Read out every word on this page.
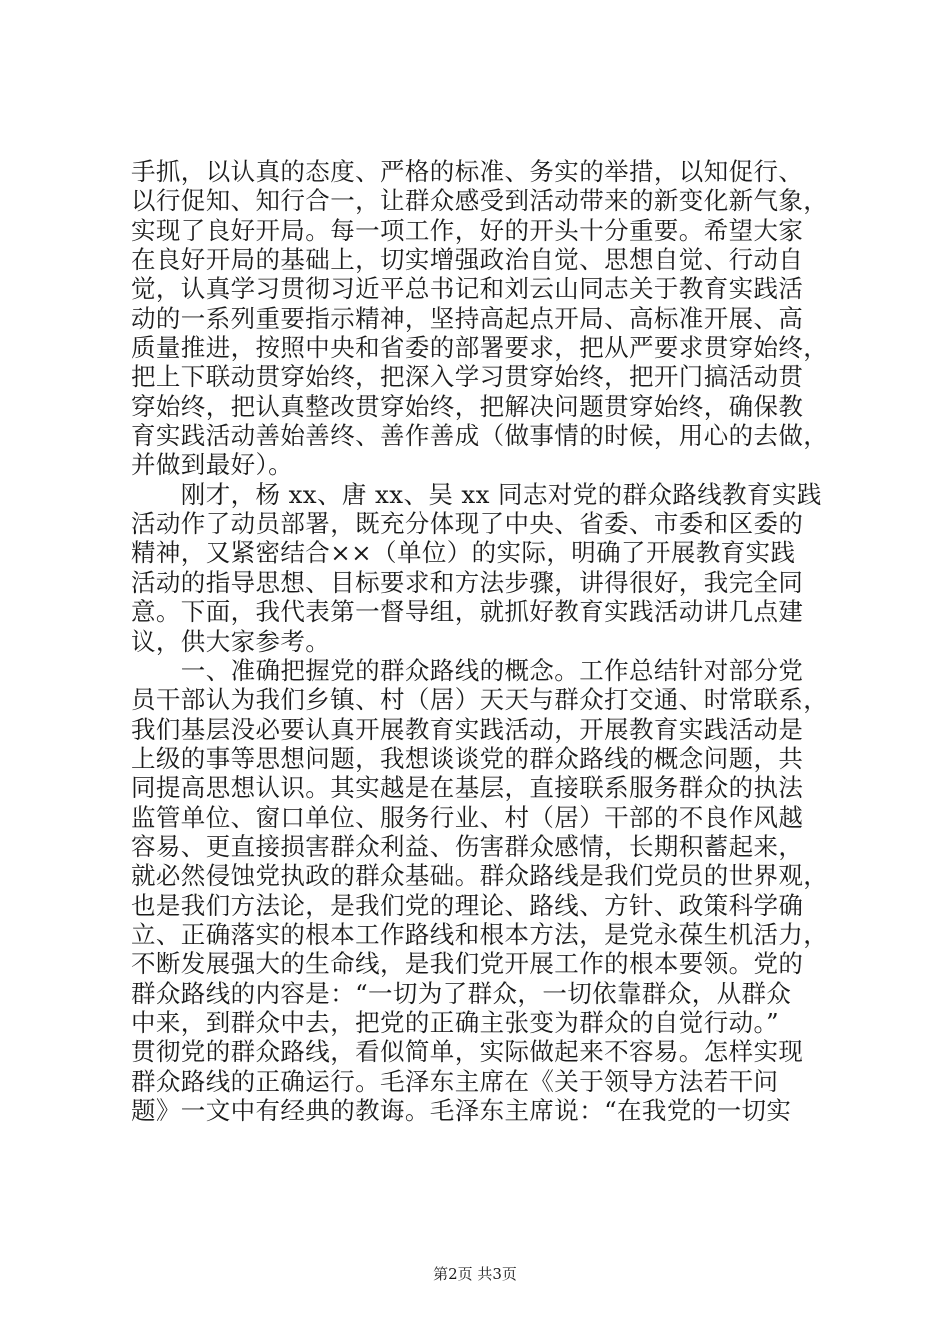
手抓，以认真的态度、严格的标准、务实的举措，以知促行、
以行促知、知行合一，让群众感受到活动带来的新变化新气象，
实现了良好开局。每一项工作，好的开头十分重要。希望大家
在良好开局的基础上，切实增强政治自觉、思想自觉、行动自
觉，认真学习贯彻习近平总书记和刘云山同志关于教育实践活
动的一系列重要指示精神，坚持高起点开局、高标准开展、高
质量推进，按照中央和省委的部署要求，把从严要求贯穿始终，
把上下联动贯穿始终，把深入学习贯穿始终，把开门搞活动贯
穿始终，把认真整改贯穿始终，把解决问题贯穿始终，确保教
育实践活动善始善终、善作善成（做事情的时候，用心的去做，
并做到最好）。
　　刚才，杨 xx、唐 xx、吴 xx 同志对党的群众路线教育实践
活动作了动员部署，既充分体现了中央、省委、市委和区委的
精神，又紧密结合××（单位）的实际，明确了开展教育实践
活动的指导思想、目标要求和方法步骤，讲得很好，我完全同
意。下面，我代表第一督导组，就抓好教育实践活动讲几点建
议，供大家参考。
　　一、准确把握党的群众路线的概念。工作总结针对部分党
员干部认为我们乡镇、村（居）天天与群众打交通、时常联系，
我们基层没必要认真开展教育实践活动，开展教育实践活动是
上级的事等思想问题，我想谈谈党的群众路线的概念问题，共
同提高思想认识。其实越是在基层，直接联系服务群众的执法
监管单位、窗口单位、服务行业、村（居）干部的不良作风越
容易、更直接损害群众利益、伤害群众感情，长期积蓄起来，
就必然侵蚀党执政的群众基础。群众路线是我们党员的世界观，
也是我们方法论，是我们党的理论、路线、方针、政策科学确
立、正确落实的根本工作路线和根本方法，是党永葆生机活力，
不断发展强大的生命线，是我们党开展工作的根本要领。党的
群众路线的内容是：“一切为了群众，一切依靠群众，从群众
中来，到群众中去，把党的正确主张变为群众的自觉行动。”
贯彻党的群众路线，看似简单，实际做起来不容易。怎样实现
群众路线的正确运行。毛泽东主席在《关于领导方法若干问
题》一文中有经典的教诲。毛泽东主席说：“在我党的一切实
第2页 共3页
